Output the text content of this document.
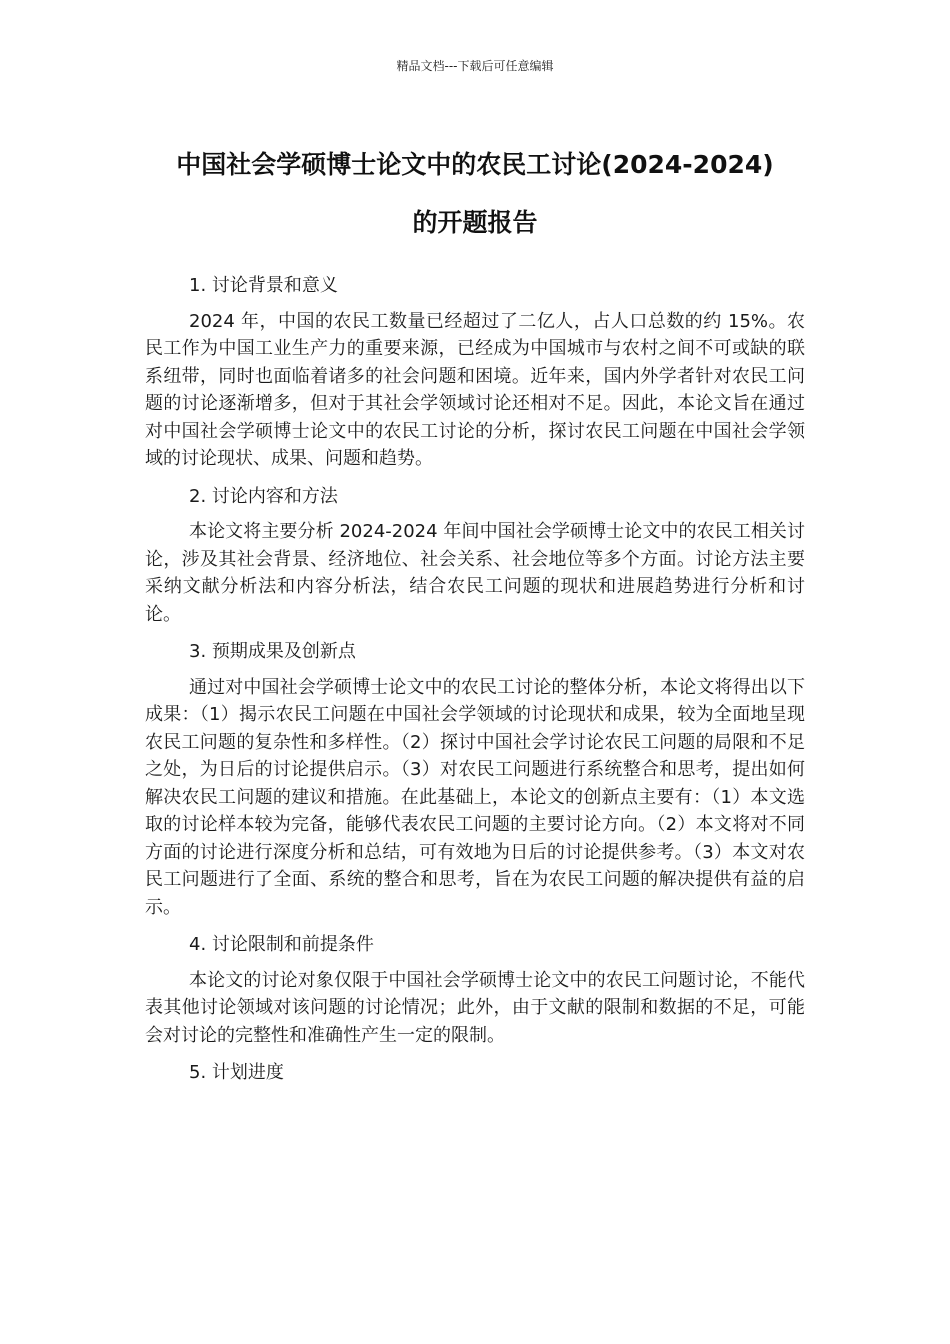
精品文档---下载后可任意编辑
中国社会学硕博士论文中的农民工讨论(2024-2024)
的开题报告
1. 讨论背景和意义

2024 年，中国的农民工数量已经超过了二亿人，占人口总数的约 15%。农民工作为中国工业生产力的重要来源，已经成为中国城市与农村之间不可或缺的联系纽带，同时也面临着诸多的社会问题和困境。近年来，国内外学者针对农民工问题的讨论逐渐增多，但对于其社会学领域讨论还相对不足。因此，本论文旨在通过对中国社会学硕博士论文中的农民工讨论的分析，探讨农民工问题在中国社会学领域的讨论现状、成果、问题和趋势。

2. 讨论内容和方法

本论文将主要分析 2024-2024 年间中国社会学硕博士论文中的农民工相关讨论，涉及其社会背景、经济地位、社会关系、社会地位等多个方面。讨论方法主要采纳文献分析法和内容分析法，结合农民工问题的现状和进展趋势进行分析和讨论。

3. 预期成果及创新点

通过对中国社会学硕博士论文中的农民工讨论的整体分析，本论文将得出以下成果：（1）揭示农民工问题在中国社会学领域的讨论现状和成果，较为全面地呈现农民工问题的复杂性和多样性。（2）探讨中国社会学讨论农民工问题的局限和不足之处，为日后的讨论提供启示。（3）对农民工问题进行系统整合和思考，提出如何解决农民工问题的建议和措施。在此基础上，本论文的创新点主要有：（1）本文选取的讨论样本较为完备，能够代表农民工问题的主要讨论方向。（2）本文将对不同方面的讨论进行深度分析和总结，可有效地为日后的讨论提供参考。（3）本文对农民工问题进行了全面、系统的整合和思考，旨在为农民工问题的解决提供有益的启示。

4. 讨论限制和前提条件

本论文的讨论对象仅限于中国社会学硕博士论文中的农民工问题讨论，不能代表其他讨论领域对该问题的讨论情况；此外，由于文献的限制和数据的不足，可能会对讨论的完整性和准确性产生一定的限制。

5. 计划进度
